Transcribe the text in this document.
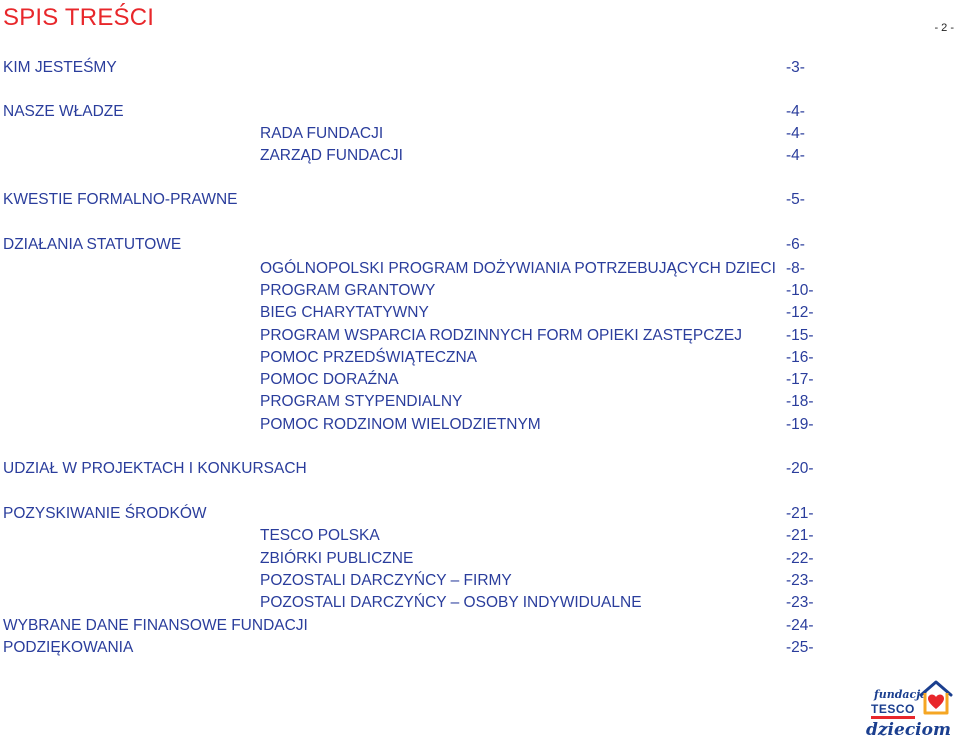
SPIS TREŚCI	- 2 -
KIM JESTEŚMY	-3-
NASZE WŁADZE	-4-
RADA FUNDACJI	-4-
ZARZĄD FUNDACJI	-4-
KWESTIE FORMALNO-PRAWNE	-5-
DZIAŁANIA STATUTOWE	-6-
OGÓLNOPOLSKI PROGRAM DOŻYWIANIA POTRZEBUJĄCYCH DZIECI -8-
PROGRAM GRANTOWY	-10-
BIEG CHARYTATYWNY	-12-
PROGRAM WSPARCIA RODZINNYCH FORM OPIEKI ZASTĘPCZEJ	-15-
POMOC PRZEDŚWIĄTECZNA	-16-
POMOC DORAŹNA	-17-
PROGRAM STYPENDIALNY	-18-
POMOC RODZINOM WIELODZIETNYM	-19-
UDZIAŁ W PROJEKTACH I KONKURSACH	-20-
POZYSKIWANIE ŚRODKÓW	-21-
TESCO POLSKA	-21-
ZBIÓRKI PUBLICZNE	-22-
POZOSTALI DARCZYŃCY – FIRMY	-23-
POZOSTALI DARCZYŃCY – OSOBY INDYWIDUALNE	-23-
WYBRANE DANE FINANSOWE FUNDACJI	-24-
PODZIĘKOWANIA	-25-
fundacja
TESCO
dzieciom
